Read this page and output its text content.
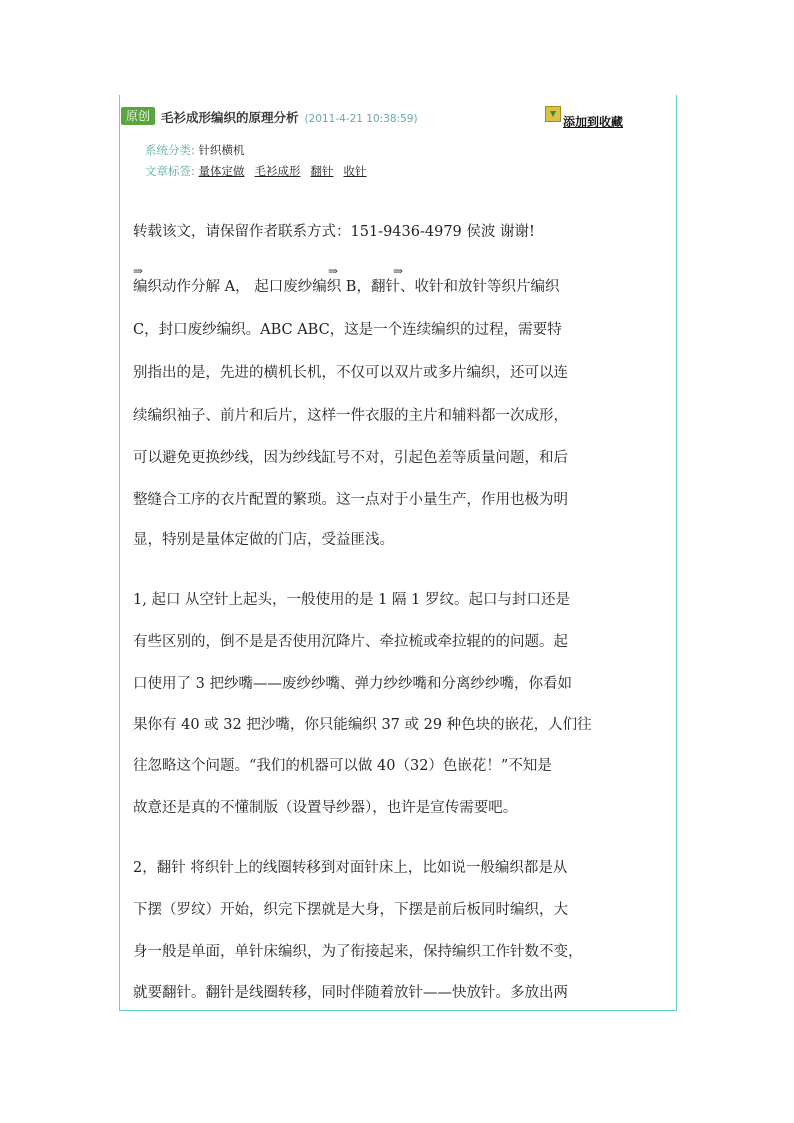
原创 毛衫成形编织的原理分析 (2011-4-21 10:38:59)	添加到收藏
系统分类: 针织横机
文章标签: 量体定做 毛衫成形 翻针 收针
转载该文，请保留作者联系方式：151-9436-4979 侯波 谢谢!
⇒	⇒	⇒
编织动作分解 A， 起口废纱编织 B，翻针、收针和放针等织片编织
C，封口废纱编织。ABC ABC，这是一个连续编织的过程，需要特
别指出的是，先进的横机长机，不仅可以双片或多片编织，还可以连
续编织袖子、前片和后片，这样一件衣服的主片和辅料都一次成形，
可以避免更换纱线，因为纱线缸号不对，引起色差等质量问题，和后
整缝合工序的衣片配置的繁琐。这一点对于小量生产，作用也极为明
显，特别是量体定做的门店，受益匪浅。
1, 起口 从空针上起头，一般使用的是 1 隔 1 罗纹。起口与封口还是
有些区别的，倒不是是否使用沉降片、牵拉梳或牵拉辊的的问题。起
口使用了 3 把纱嘴——废纱纱嘴、弹力纱纱嘴和分离纱纱嘴，你看如
果你有 40 或 32 把沙嘴，你只能编织 37 或 29 种色块的嵌花，人们往
往忽略这个问题。“我们的机器可以做 40（32）色嵌花！”不知是
故意还是真的不懂制版（设置导纱器），也许是宣传需要吧。
2，翻针 将织针上的线圈转移到对面针床上，比如说一般编织都是从
下摆（罗纹）开始，织完下摆就是大身，下摆是前后板同时编织，大
身一般是单面，单针床编织，为了衔接起来，保持编织工作针数不变，
就要翻针。翻针是线圈转移，同时伴随着放针——快放针。多放出两
